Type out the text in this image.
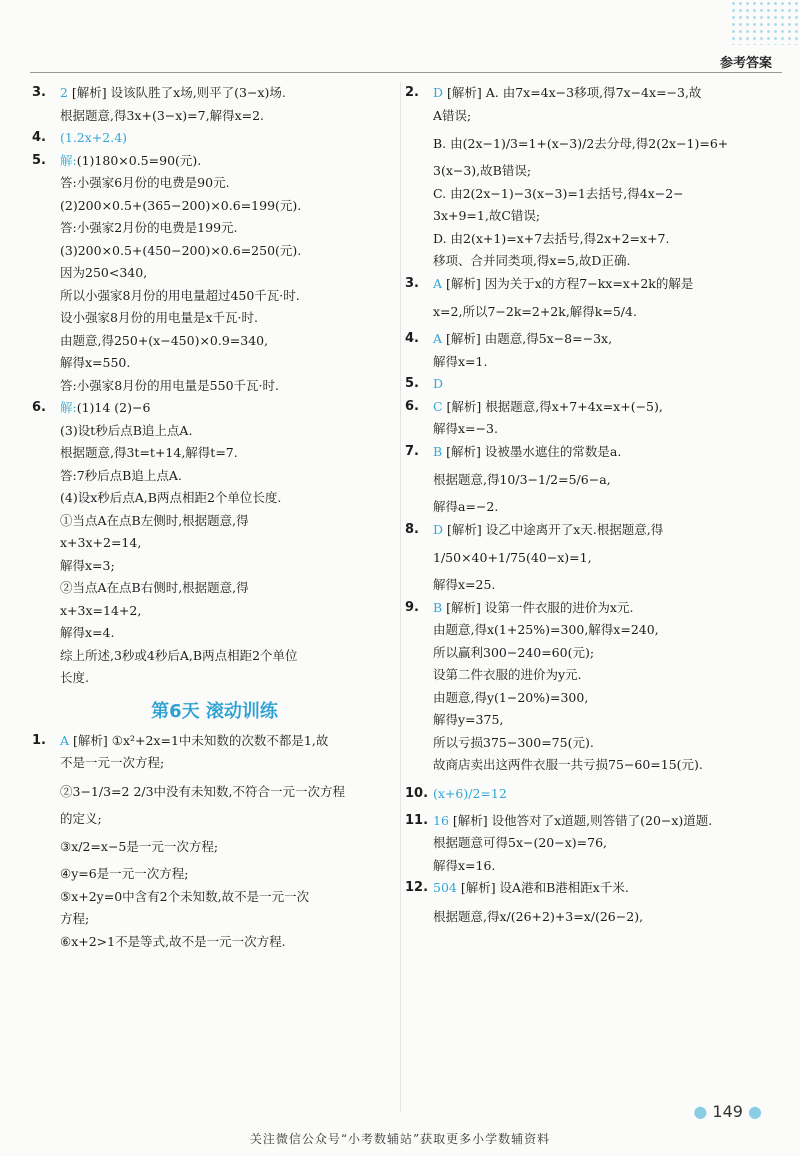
参考答案
3. 2 [解析] 设该队胜了x场,则平了(3−x)场.
根据题意,得3x+(3−x)=7,解得x=2.
4. (1.2x+2.4)
5. 解:(1)180×0.5=90(元).
答:小强家6月份的电费是90元.
(2)200×0.5+(365−200)×0.6=199(元).
答:小强家2月份的电费是199元.
(3)200×0.5+(450−200)×0.6=250(元).
因为250<340,
所以小强家8月份的用电量超过450千瓦·时.
设小强家8月份的用电量是x千瓦·时.
由题意,得250+(x−450)×0.9=340,
解得x=550.
答:小强家8月份的用电量是550千瓦·时.
6. 解:(1)14 (2)−6
(3)设t秒后点B追上点A.
根据题意,得3t=t+14,解得t=7.
答:7秒后点B追上点A.
(4)设x秒后点A,B两点相距2个单位长度.
①当点A在点B左侧时,根据题意,得
x+3x+2=14,
解得x=3;
②当点A在点B右侧时,根据题意,得
x+3x=14+2,
解得x=4.
综上所述,3秒或4秒后A,B两点相距2个单位
长度.
第6天 滚动训练
1. A [解析] ①x²+2x=1中未知数的次数不都是1,故
不是一元一次方程;
②3−1/3=2 2/3中没有未知数,不符合一元一次方程
的定义;
③x/2=x−5是一元一次方程;
④y=6是一元一次方程;
⑤x+2y=0中含有2个未知数,故不是一元一次
方程;
⑥x+2>1不是等式,故不是一元一次方程.
2. D [解析] A. 由7x=4x−3移项,得7x−4x=−3,故
A错误;
B. 由(2x−1)/3=1+(x−3)/2去分母,得2(2x−1)=6+
3(x−3),故B错误;
C. 由2(2x−1)−3(x−3)=1去括号,得4x−2−
3x+9=1,故C错误;
D. 由2(x+1)=x+7去括号,得2x+2=x+7.
移项、合并同类项,得x=5,故D正确.
3. A [解析] 因为关于x的方程7−kx=x+2k的解是
x=2,所以7−2k=2+2k,解得k=5/4.
4. A [解析] 由题意,得5x−8=−3x,
解得x=1.
5. D
6. C [解析] 根据题意,得x+7+4x=x+(−5),
解得x=−3.
7. B [解析] 设被墨水遮住的常数是a.
根据题意,得10/3−1/2=5/6−a,
解得a=−2.
8. D [解析] 设乙中途离开了x天.根据题意,得
1/50×40+1/75(40−x)=1,
解得x=25.
9. B [解析] 设第一件衣服的进价为x元.
由题意,得x(1+25%)=300,解得x=240,
所以赢利300−240=60(元);
设第二件衣服的进价为y元.
由题意,得y(1−20%)=300,
解得y=375,
所以亏损375−300=75(元).
故商店卖出这两件衣服一共亏损75−60=15(元).
10. (x+6)/2=12
11. 16 [解析] 设他答对了x道题,则答错了(20−x)道题.
根据题意可得5x−(20−x)=76,
解得x=16.
12. 504 [解析] 设A港和B港相距x千米.
根据题意,得x/(26+2)+3=x/(26−2),
● 149 ●
关注微信公众号“小考数辅站”获取更多小学数辅资料
